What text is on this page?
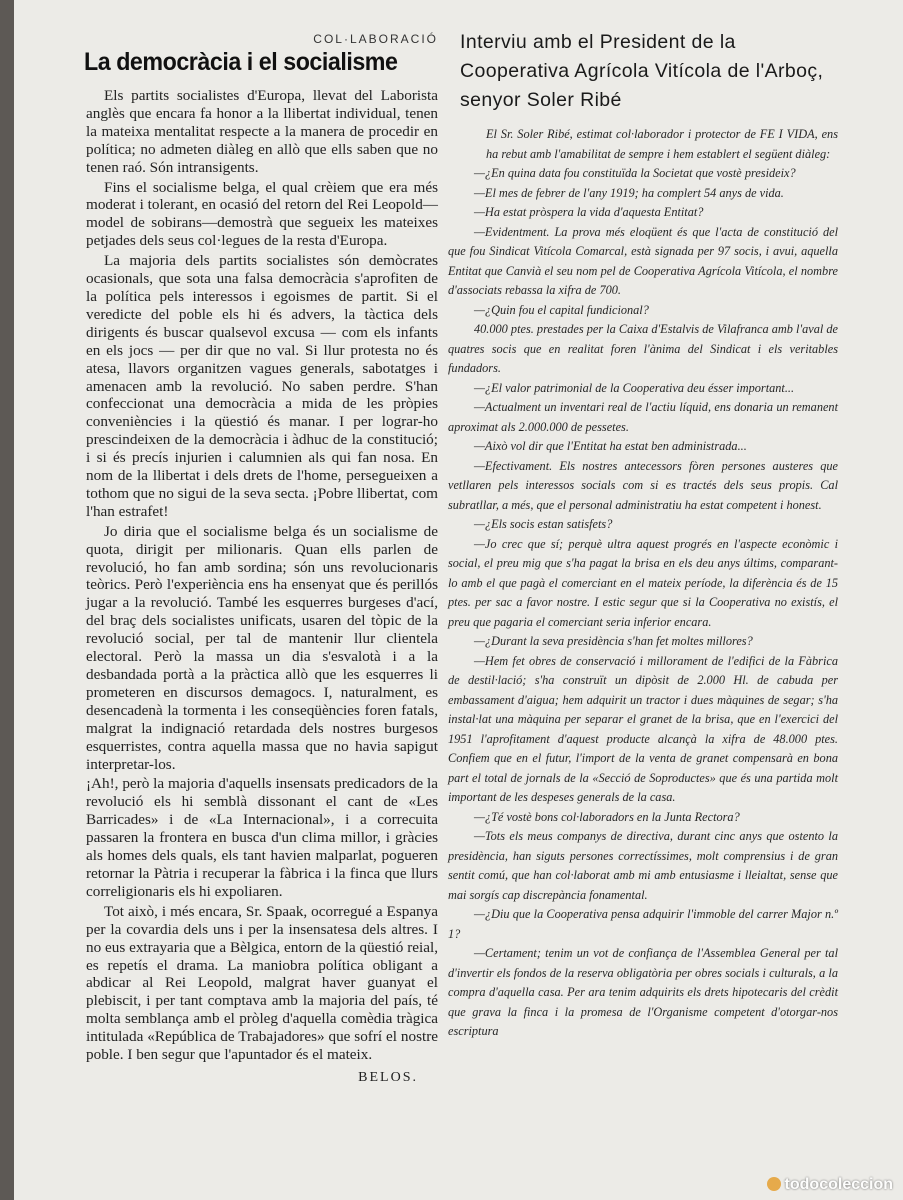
COL·LABORACIÓ
La democràcia i el socialisme

Els partits socialistes d'Europa, llevat del Laborista anglès que encara fa honor a la llibertat individual, tenen la mateixa mentalitat respecte a la manera de procedir en política; no admeten diàleg en allò que ells saben que no tenen raó. Són intransigents.

Fins el socialisme belga, el qual crèiem que era més moderat i tolerant, en ocasió del retorn del Rei Leopold—model de sobirans—demostrà que segueix les mateixes petjades dels seus col·legues de la resta d'Europa.

La majoria dels partits socialistes són demòcrates ocasionals, que sota una falsa democràcia s'aprofiten de la política pels interessos i egoismes de partit. Si el veredicte del poble els hi és advers, la tàctica dels dirigents és buscar qualsevol excusa — com els infants en els jocs — per dir que no val. Si llur protesta no és atesa, llavors organitzen vagues generals, sabotatges i amenacen amb la revolució. No saben perdre. S'han confeccionat una democràcia a mida de les pròpies conveniències i la qüestió és manar. I per lograr-ho prescindeixen de la democràcia i àdhuc de la constitució; i si és precís injurien i calumnien als qui fan nosa. En nom de la llibertat i dels drets de l'home, persegueixen a tothom que no sigui de la seva secta. ¡Pobre llibertat, com l'han estrafet!

Jo diria que el socialisme belga és un socialisme de quota, dirigit per milionaris. Quan ells parlen de revolució, ho fan amb sordina; són uns revolucionaris teòrics. Però l'experiència ens ha ensenyat que és perillós jugar a la revolució. També les esquerres burgeses d'ací, del braç dels socialistes unificats, usaren del tòpic de la revolució social, per tal de mantenir llur clientela electoral. Però la massa un dia s'esvalotà i a la desbandada portà a la pràctica allò que les esquerres li prometeren en discursos demagocs. I, naturalment, es desencadenà la tormenta i les conseqüències foren fatals, malgrat la indignació retardada dels nostres burgesos esquerristes, contra aquella massa que no havia sapigut interpretar-los.

¡Ah!, però la majoria d'aquells insensats predicadors de la revolució els hi semblà dissonant el cant de «Les Barricades» i de «La Internacional», i a correcuita passaren la frontera en busca d'un clima millor, i gràcies als homes dels quals, els tant havien malparlat, pogueren retornar la Pàtria i recuperar la fàbrica i la finca que llurs correligionaris els hi expoliaren.

Tot això, i més encara, Sr. Spaak, ocorregué a Espanya per la covardia dels uns i per la insensatesa dels altres. I no eus extrayaria que a Bèlgica, entorn de la qüestió reial, es repetís el drama. La maniobra política obligant a abdicar al Rei Leopold, malgrat haver guanyat el plebiscit, i per tant comptava amb la majoria del país, té molta semblança amb el pròleg d'aquella comèdia tràgica intitulada «República de Trabajadores» que sofrí el nostre poble. I ben segur que l'apuntador és el mateix.

BELOS.
Interviu amb el President de la Cooperativa Agrícola Vitícola de l'Arboç, senyor Soler Ribé

El Sr. Soler Ribé, estimat col·laborador i protector de FE I VIDA, ens ha rebut amb l'amabilitat de sempre i hem establert el següent diàleg:

—¿En quina data fou constituïda la Societat que vostè presideix?

—El mes de febrer de l'any 1919; ha complert 54 anys de vida.

—Ha estat pròspera la vida d'aquesta Entitat?

—Evidentment. La prova més eloqüent és que l'acta de constitució del que fou Sindicat Vitícola Comarcal, està signada per 97 socis, i avui, aquella Entitat que Canvià el seu nom pel de Cooperativa Agrícola Vitícola, el nombre d'associats rebassa la xifra de 700.

—¿Quin fou el capital fundicional?

40.000 ptes. prestades per la Caixa d'Estalvis de Vilafranca amb l'aval de quatres socis que en realitat foren l'ànima del Sindicat i els veritables fundadors.

—¿El valor patrimonial de la Cooperativa deu ésser important...

—Actualment un inventari real de l'actiu líquid, ens donaria un remanent aproximat als 2.000.000 de pessetes.

—Això vol dir que l'Entitat ha estat ben administrada...

—Efectivament. Els nostres antecessors fòren persones austeres que vetllaren pels interessos socials com si es tractés dels seus propis. Cal subratllar, a més, que el personal administratiu ha estat competent i honest.

—¿Els socis estan satisfets?

—Jo crec que sí; perquè ultra aquest progrés en l'aspecte econòmic i social, el preu mig que s'ha pagat la brisa en els deu anys últims, comparant-lo amb el que pagà el comerciant en el mateix període, la diferència és de 15 ptes. per sac a favor nostre. I estic segur que si la Cooperativa no existís, el preu que pagaria el comerciant seria inferior encara.

—¿Durant la seva presidència s'han fet moltes millores?

—Hem fet obres de conservació i millorament de l'edifici de la Fàbrica de destil·lació; s'ha construït un dipòsit de 2.000 Hl. de cabuda per embassament d'aigua; hem adquirit un tractor i dues màquines de segar; s'ha instal·lat una màquina per separar el granet de la brisa, que en l'exercici del 1951 l'aprofitament d'aquest producte alcançà la xifra de 48.000 ptes. Confiem que en el futur, l'import de la venta de granet compensarà en bona part el total de jornals de la «Secció de Soproductes» que és una partida molt important de les despeses generals de la casa.

—¿Té vostè bons col·laboradors en la Junta Rectora?

—Tots els meus companys de directiva, durant cinc anys que ostento la presidència, han siguts persones correctíssimes, molt comprensius i de gran sentit comú, que han col·laborat amb mi amb entusiasme i lleialtat, sense que mai sorgís cap discrepància fonamental.

—¿Diu que la Cooperativa pensa adquirir l'immoble del carrer Major n.º 1?

—Certament; tenim un vot de confiança de l'Assemblea General per tal d'invertir els fondos de la reserva obligatòria per obres socials i culturals, a la compra d'aquella casa. Per ara tenim adquirits els drets hipotecaris del crèdit que grava la finca i la promesa de l'Organisme competent d'otorgar-nos escriptura

todocoleccion
